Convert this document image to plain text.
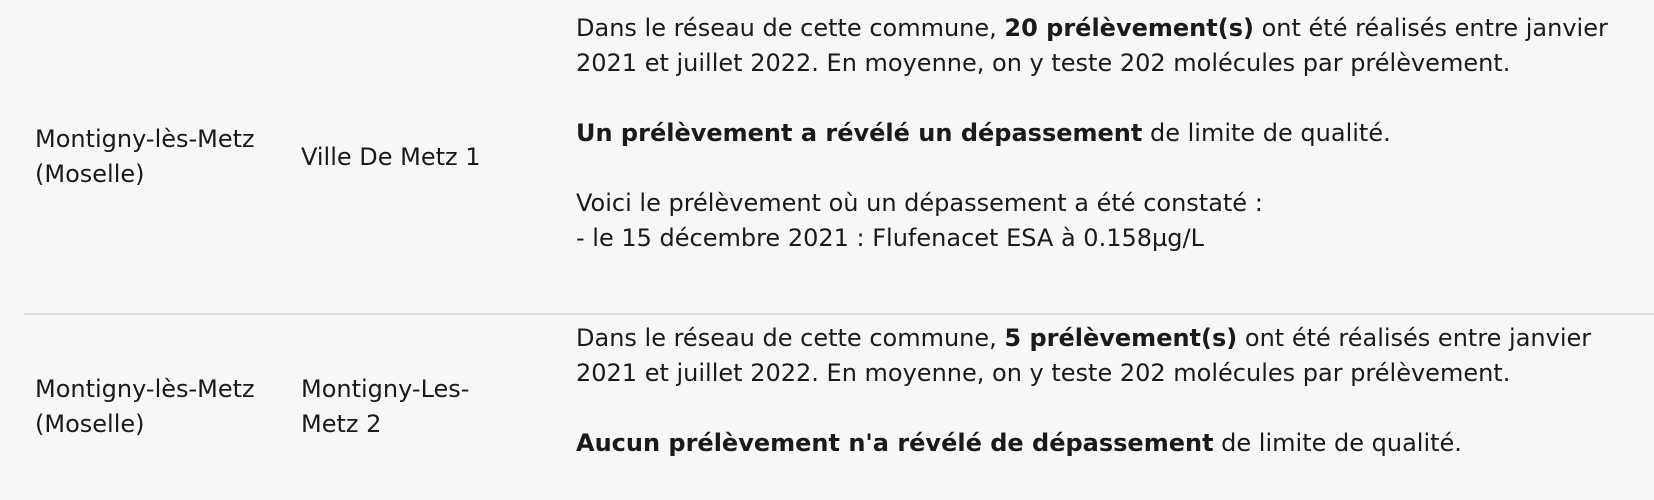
Montigny-lès-Metz (Moselle)
Ville De Metz 1

Dans le réseau de cette commune, 20 prélèvement(s) ont été réalisés entre janvier 2021 et juillet 2022. En moyenne, on y teste 202 molécules par prélèvement.

Un prélèvement a révélé un dépassement de limite de qualité.

Voici le prélèvement où un dépassement a été constaté :
- le 15 décembre 2021 : Flufenacet ESA à 0.158µg/L

Montigny-lès-Metz (Moselle)
Montigny-Les-Metz 2

Dans le réseau de cette commune, 5 prélèvement(s) ont été réalisés entre janvier 2021 et juillet 2022. En moyenne, on y teste 202 molécules par prélèvement.

Aucun prélèvement n'a révélé de dépassement de limite de qualité.
